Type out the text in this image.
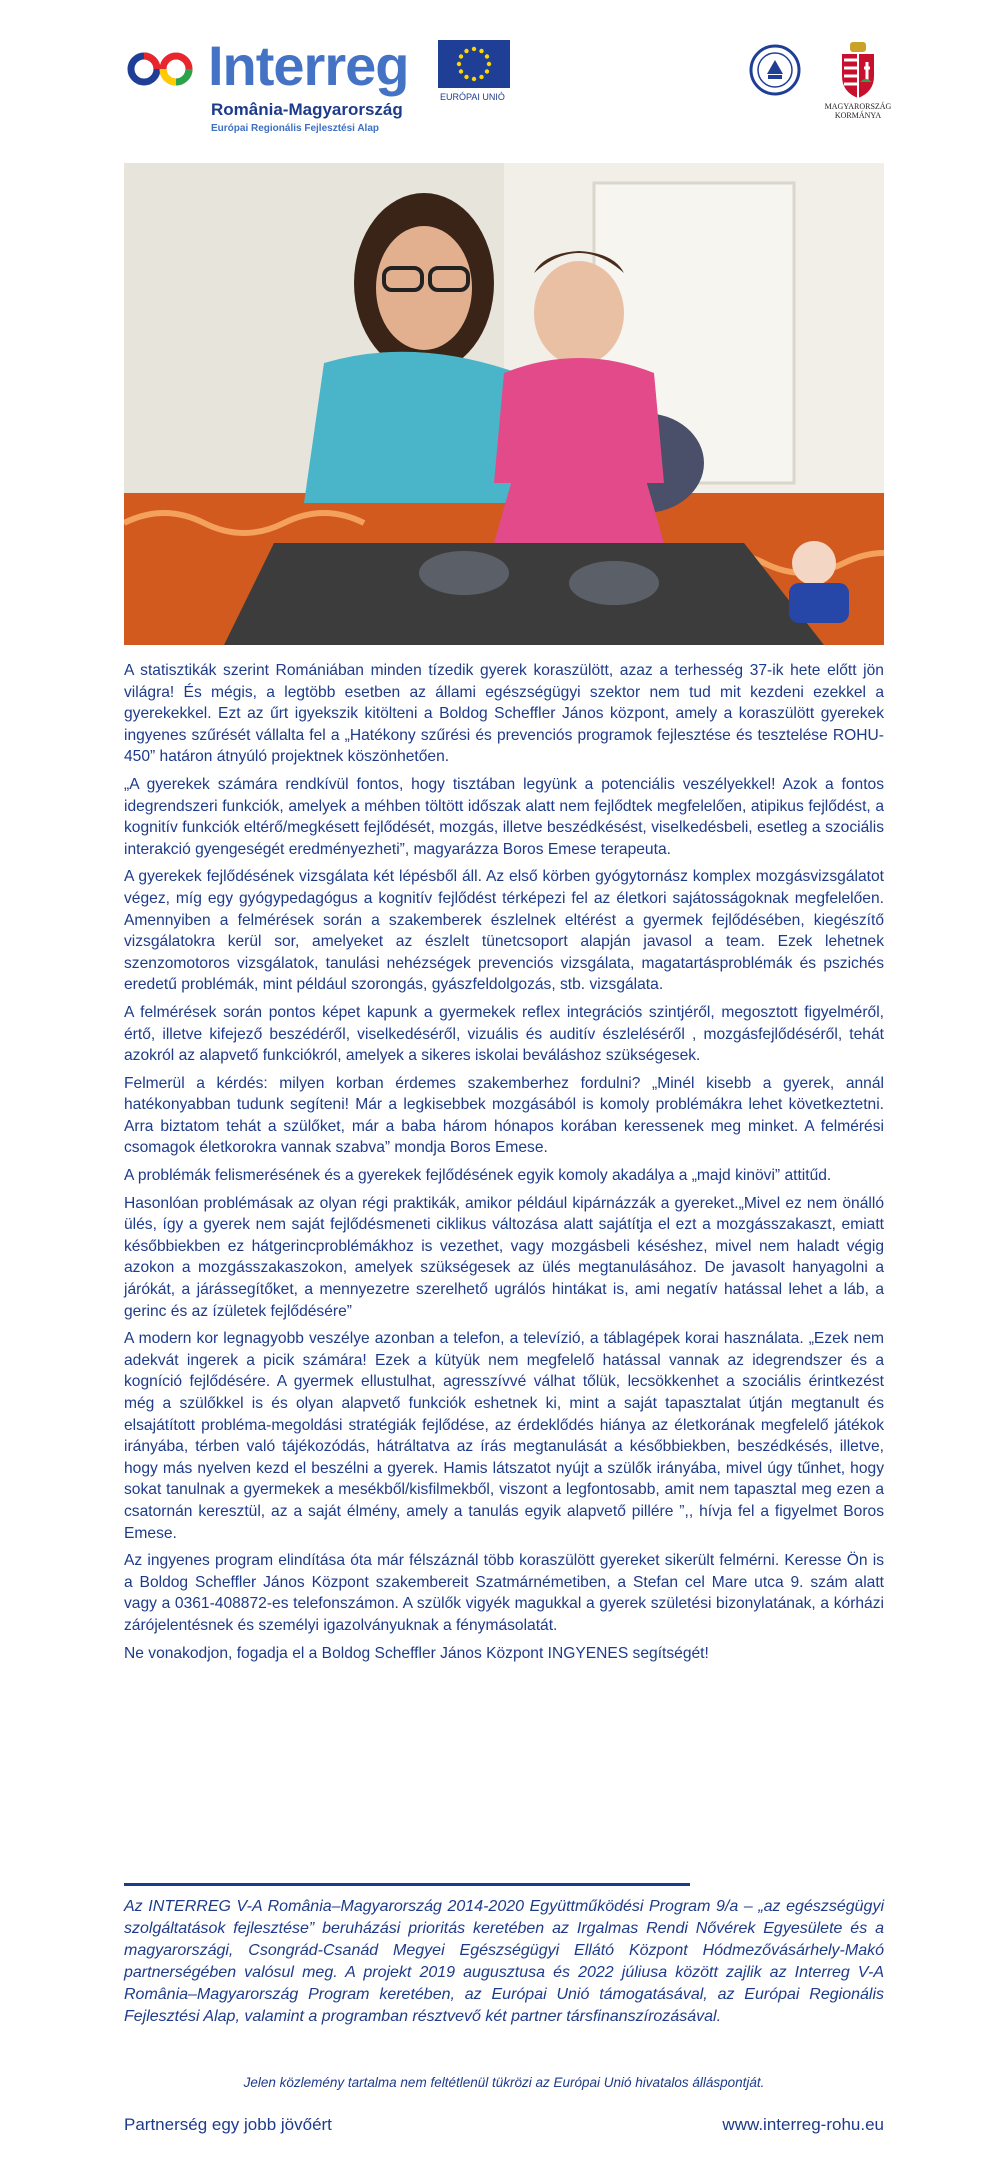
Interreg
România-Magyarország
Európai Regionális Fejlesztési Alap
EURÓPAI UNIÓ
MAGYARORSZÁG KORMÁNYA

A statisztikák szerint Romániában minden tízedik gyerek koraszülött, azaz a terhesség 37-ik hete előtt jön világra! És mégis, a legtöbb esetben az állami egészségügyi szektor nem tud mit kezdeni ezekkel a gyerekekkel. Ezt az űrt igyekszik kitölteni a Boldog Scheffler János központ, amely a koraszülött gyerekek ingyenes szűrését vállalta fel a „Hatékony szűrési és prevenciós programok fejlesztése és tesztelése ROHU-450” határon átnyúló projektnek köszönhetően.

„A gyerekek számára rendkívül fontos, hogy tisztában legyünk a potenciális veszélyekkel! Azok a fontos idegrendszeri funkciók, amelyek a méhben töltött időszak alatt nem fejlődtek megfelelően, atipikus fejlődést, a kognitív funkciók eltérő/megkésett fejlődését, mozgás, illetve beszédkésést, viselkedésbeli, esetleg a szociális interakció gyengeségét eredményezheti”, magyarázza Boros Emese terapeuta.

A gyerekek fejlődésének vizsgálata két lépésből áll. Az első körben gyógytornász komplex mozgásvizsgálatot végez, míg egy gyógypedagógus a kognitív fejlődést térképezi fel az életkori sajátosságoknak megfelelően. Amennyiben a felmérések során a szakemberek észlelnek eltérést a gyermek fejlődésében, kiegészítő vizsgálatokra kerül sor, amelyeket az észlelt tünetcsoport alapján javasol a team. Ezek lehetnek szenzomotoros vizsgálatok, tanulási nehézségek prevenciós vizsgálata, magatartásproblémák és pszichés eredetű problémák, mint például szorongás, gyászfeldolgozás, stb. vizsgálata.

A felmérések során pontos képet kapunk a gyermekek reflex integrációs szintjéről, megosztott figyelméről, értő, illetve kifejező beszédéről, viselkedéséről, vizuális és auditív észleléséről , mozgásfejlődéséről, tehát azokról az alapvető funkciókról, amelyek a sikeres iskolai beváláshoz szükségesek.

Felmerül a kérdés: milyen korban érdemes szakemberhez fordulni? „Minél kisebb a gyerek, annál hatékonyabban tudunk segíteni! Már a legkisebbek mozgásából is komoly problémákra lehet következtetni. Arra biztatom tehát a szülőket, már a baba három hónapos korában keressenek meg minket. A felmérési csomagok életkorokra vannak szabva” mondja Boros Emese.

A problémák felismerésének és a gyerekek fejlődésének egyik komoly akadálya a „majd kinövi” attitűd.

Hasonlóan problémásak az olyan régi praktikák, amikor például kipárnázzák a gyereket.„Mivel ez nem önálló ülés, így a gyerek nem saját fejlődésmeneti ciklikus változása alatt sajátítja el ezt a mozgásszakaszt, emiatt későbbiekben ez hátgerincproblémákhoz is vezethet, vagy mozgásbeli késéshez, mivel nem haladt végig azokon a mozgásszakaszokon, amelyek szükségesek az ülés megtanulásához. De javasolt hanyagolni a járókát, a járássegítőket, a mennyezetre szerelhető ugrálós hintákat is, ami negatív hatással lehet a láb, a gerinc és az ízületek fejlődésére”

A modern kor legnagyobb veszélye azonban a telefon, a televízió, a táblagépek korai használata. „Ezek nem adekvát ingerek a picik számára! Ezek a kütyük nem megfelelő hatással vannak az idegrendszer és a kogníció fejlődésére. A gyermek ellustulhat, agresszívvé válhat tőlük, lecsökkenhet a szociális érintkezést még a szülőkkel is és olyan alapvető funkciók eshetnek ki, mint a saját tapasztalat útján megtanult és elsajátított probléma-megoldási stratégiák fejlődése, az érdeklődés hiánya az életkorának megfelelő játékok irányába, térben való tájékozódás, hátráltatva az írás megtanulását a későbbiekben, beszédkésés, illetve, hogy más nyelven kezd el beszélni a gyerek. Hamis látszatot nyújt a szülők irányába, mivel úgy tűnhet, hogy sokat tanulnak a gyermekek a mesékből/kisfilmekből, viszont a legfontosabb, amit nem tapasztal meg ezen a csatornán keresztül, az a saját élmény, amely a tanulás egyik alapvető pillére ”,, hívja fel a figyelmet Boros Emese.

Az ingyenes program elindítása óta már félszáznál több koraszülött gyereket sikerült felmérni. Keresse Ön is a Boldog Scheffler János Központ szakembereit Szatmárnémetiben, a Stefan cel Mare utca 9. szám alatt vagy a 0361-408872-es telefonszámon. A szülők vigyék magukkal a gyerek születési bizonylatának, a kórházi zárójelentésnek és személyi igazolványuknak a fénymásolatát.

Ne vonakodjon, fogadja el a Boldog Scheffler János Központ INGYENES segítségét!

Az INTERREG V-A România–Magyarország 2014-2020 Együttműködési Program 9/a – „az egészségügyi szolgáltatások fejlesztése” beruházási prioritás keretében az Irgalmas Rendi Nővérek Egyesülete és a magyarországi, Csongrád-Csanád Megyei Egészségügyi Ellátó Központ Hódmezővásárhely-Makó partnerségében valósul meg. A projekt 2019 augusztusa és 2022 júliusa között zajlik az Interreg V-A România–Magyarország Program keretében, az Európai Unió támogatásával, az Európai Regionális Fejlesztési Alap, valamint a programban résztvevő két partner társfinanszírozásával.

Jelen közlemény tartalma nem feltétlenül tükrözi az Európai Unió hivatalos álláspontját.

Partnerség egy jobb jövőért	www.interreg-rohu.eu
